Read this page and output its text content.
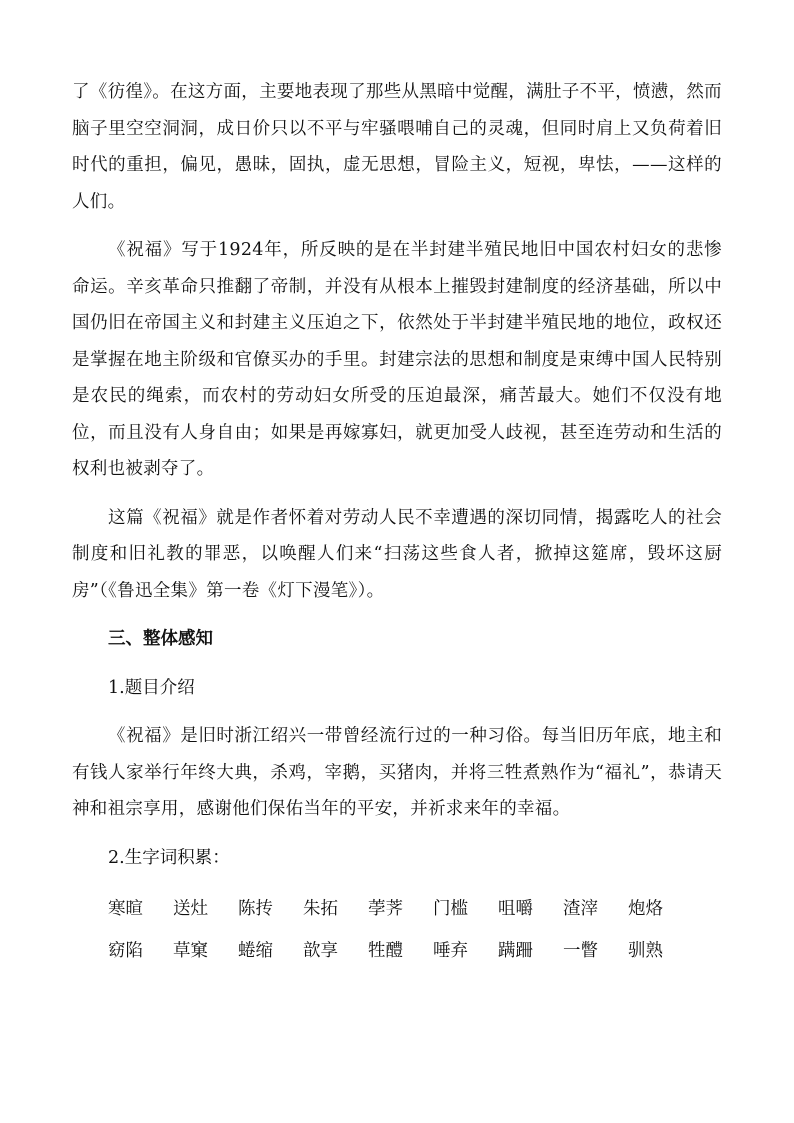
了《彷徨》。在这方面，主要地表现了那些从黑暗中觉醒，满肚子不平，愤懑，然而脑子里空空洞洞，成日价只以不平与牢骚喂哺自己的灵魂，但同时肩上又负荷着旧时代的重担，偏见，愚昧，固执，虚无思想，冒险主义，短视，卑怯，——这样的人们。

《祝福》写于1924年，所反映的是在半封建半殖民地旧中国农村妇女的悲惨命运。辛亥革命只推翻了帝制，并没有从根本上摧毁封建制度的经济基础，所以中国仍旧在帝国主义和封建主义压迫之下，依然处于半封建半殖民地的地位，政权还是掌握在地主阶级和官僚买办的手里。封建宗法的思想和制度是束缚中国人民特别是农民的绳索，而农村的劳动妇女所受的压迫最深，痛苦最大。她们不仅没有地位，而且没有人身自由；如果是再嫁寡妇，就更加受人歧视，甚至连劳动和生活的权利也被剥夺了。

这篇《祝福》就是作者怀着对劳动人民不幸遭遇的深切同情，揭露吃人的社会制度和旧礼教的罪恶，以唤醒人们来“扫荡这些食人者，掀掉这筵席，毁坏这厨房”（《鲁迅全集》第一卷《灯下漫笔》）。

三、整体感知

1.题目介绍

《祝福》是旧时浙江绍兴一带曾经流行过的一种习俗。每当旧历年底，地主和有钱人家举行年终大典，杀鸡，宰鹅，买猪肉，并将三牲煮熟作为“福礼”，恭请天神和祖宗享用，感谢他们保佑当年的平安，并祈求来年的幸福。

2.生字词积累：

寒暄	送灶	陈抟	朱拓	荸荠	门槛	咀嚼	渣滓	炮烙
窈陷	草窠	蜷缩	歆享	牲醴	唾弃	蹒跚	一瞥	驯熟
